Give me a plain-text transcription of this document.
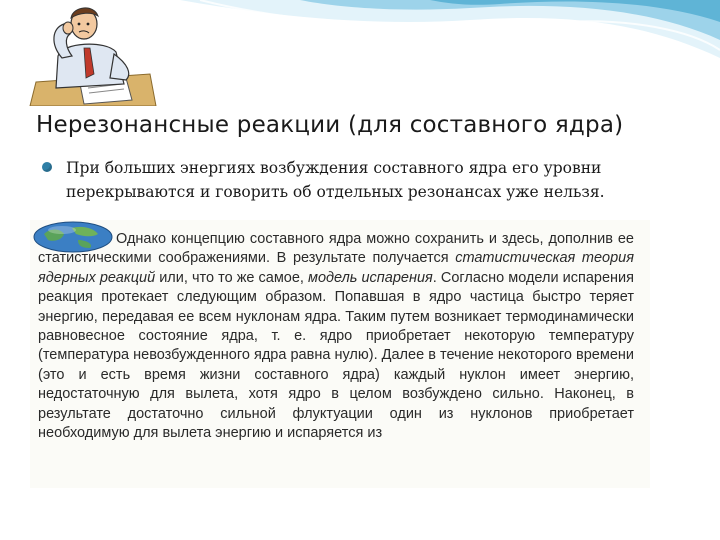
Нерезонансные реакции (для составного ядра)
При больших энергиях возбуждения составного ядра его уровни перекрываются и говорить об отдельных резонансах уже нельзя.
Однако концепцию составного ядра можно сохранить и здесь, дополнив ее статистическими соображениями. В результате получается статистическая теория ядерных реакций или, что то же самое, модель испарения. Согласно модели испарения реакция протекает следующим образом. Попавшая в ядро частица быстро теряет энергию, передавая ее всем нуклонам ядра. Таким путем возникает термодинамически равновесное состояние ядра, т. е. ядро приобретает некоторую температуру (температура невозбужденного ядра равна нулю). Далее в течение некоторого времени (это и есть время жизни составного ядра) каждый нуклон имеет энергию, недостаточную для вылета, хотя ядро в целом возбуждено сильно. Наконец, в результате достаточно сильной флуктуации один из нуклонов приобретает необходимую для вылета энергию и испаряется из
